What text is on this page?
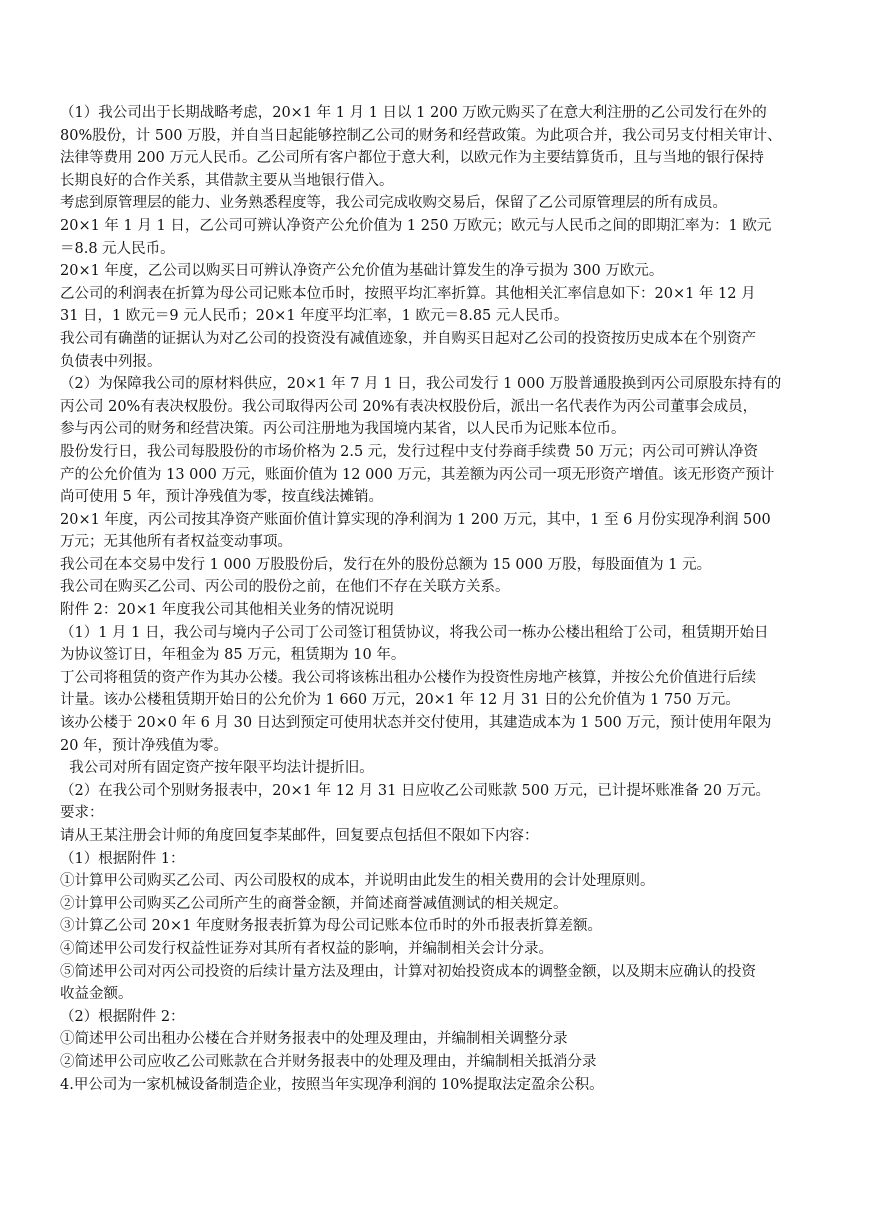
（1）我公司出于长期战略考虑，20×1 年 1 月 1 日以 1 200 万欧元购买了在意大利注册的乙公司发行在外的
80%股份，计 500 万股，并自当日起能够控制乙公司的财务和经营政策。为此项合并，我公司另支付相关审计、
法律等费用 200 万元人民币。乙公司所有客户都位于意大利，以欧元作为主要结算货币，且与当地的银行保持
长期良好的合作关系，其借款主要从当地银行借入。
考虑到原管理层的能力、业务熟悉程度等，我公司完成收购交易后，保留了乙公司原管理层的所有成员。
20×1 年 1 月 1 日，乙公司可辨认净资产公允价值为 1 250 万欧元；欧元与人民币之间的即期汇率为：1 欧元
＝8.8 元人民币。
20×1 年度，乙公司以购买日可辨认净资产公允价值为基础计算发生的净亏损为 300 万欧元。
乙公司的利润表在折算为母公司记账本位币时，按照平均汇率折算。其他相关汇率信息如下：20×1 年 12 月
31 日，1 欧元＝9 元人民币；20×1 年度平均汇率，1 欧元＝8.85 元人民币。
我公司有确凿的证据认为对乙公司的投资没有减值迹象，并自购买日起对乙公司的投资按历史成本在个别资产
负债表中列报。
（2）为保障我公司的原材料供应，20×1 年 7 月 1 日，我公司发行 1 000 万股普通股换到丙公司原股东持有的
丙公司 20%有表决权股份。我公司取得丙公司 20%有表决权股份后，派出一名代表作为丙公司董事会成员，
参与丙公司的财务和经营决策。丙公司注册地为我国境内某省，以人民币为记账本位币。
股份发行日，我公司每股股份的市场价格为 2.5 元，发行过程中支付券商手续费 50 万元；丙公司可辨认净资
产的公允价值为 13 000 万元，账面价值为 12 000 万元，其差额为丙公司一项无形资产增值。该无形资产预计
尚可使用 5 年，预计净残值为零，按直线法摊销。
20×1 年度，丙公司按其净资产账面价值计算实现的净利润为 1 200 万元，其中，1 至 6 月份实现净利润 500
万元；无其他所有者权益变动事项。
我公司在本交易中发行 1 000 万股股份后，发行在外的股份总额为 15 000 万股，每股面值为 1 元。
我公司在购买乙公司、丙公司的股份之前，在他们不存在关联方关系。
附件 2：20×1 年度我公司其他相关业务的情况说明
（1）1 月 1 日，我公司与境内子公司丁公司签订租赁协议，将我公司一栋办公楼出租给丁公司，租赁期开始日
为协议签订日，年租金为 85 万元，租赁期为 10 年。
丁公司将租赁的资产作为其办公楼。我公司将该栋出租办公楼作为投资性房地产核算，并按公允价值进行后续
计量。该办公楼租赁期开始日的公允价为 1 660 万元，20×1 年 12 月 31 日的公允价值为 1 750 万元。
该办公楼于 20×0 年 6 月 30 日达到预定可使用状态并交付使用，其建造成本为 1 500 万元，预计使用年限为
20 年，预计净残值为零。
我公司对所有固定资产按年限平均法计提折旧。
（2）在我公司个别财务报表中，20×1 年 12 月 31 日应收乙公司账款 500 万元，已计提坏账准备 20 万元。
要求：
请从王某注册会计师的角度回复李某邮件，回复要点包括但不限如下内容：
（1）根据附件 1：
①计算甲公司购买乙公司、丙公司股权的成本，并说明由此发生的相关费用的会计处理原则。
②计算甲公司购买乙公司所产生的商誉金额，并简述商誉减值测试的相关规定。
③计算乙公司 20×1 年度财务报表折算为母公司记账本位币时的外币报表折算差额。
④简述甲公司发行权益性证券对其所有者权益的影响，并编制相关会计分录。
⑤简述甲公司对丙公司投资的后续计量方法及理由，计算对初始投资成本的调整金额，以及期末应确认的投资
收益金额。
（2）根据附件 2：
①简述甲公司出租办公楼在合并财务报表中的处理及理由，并编制相关调整分录
②简述甲公司应收乙公司账款在合并财务报表中的处理及理由，并编制相关抵消分录
4.甲公司为一家机械设备制造企业，按照当年实现净利润的 10%提取法定盈余公积。
